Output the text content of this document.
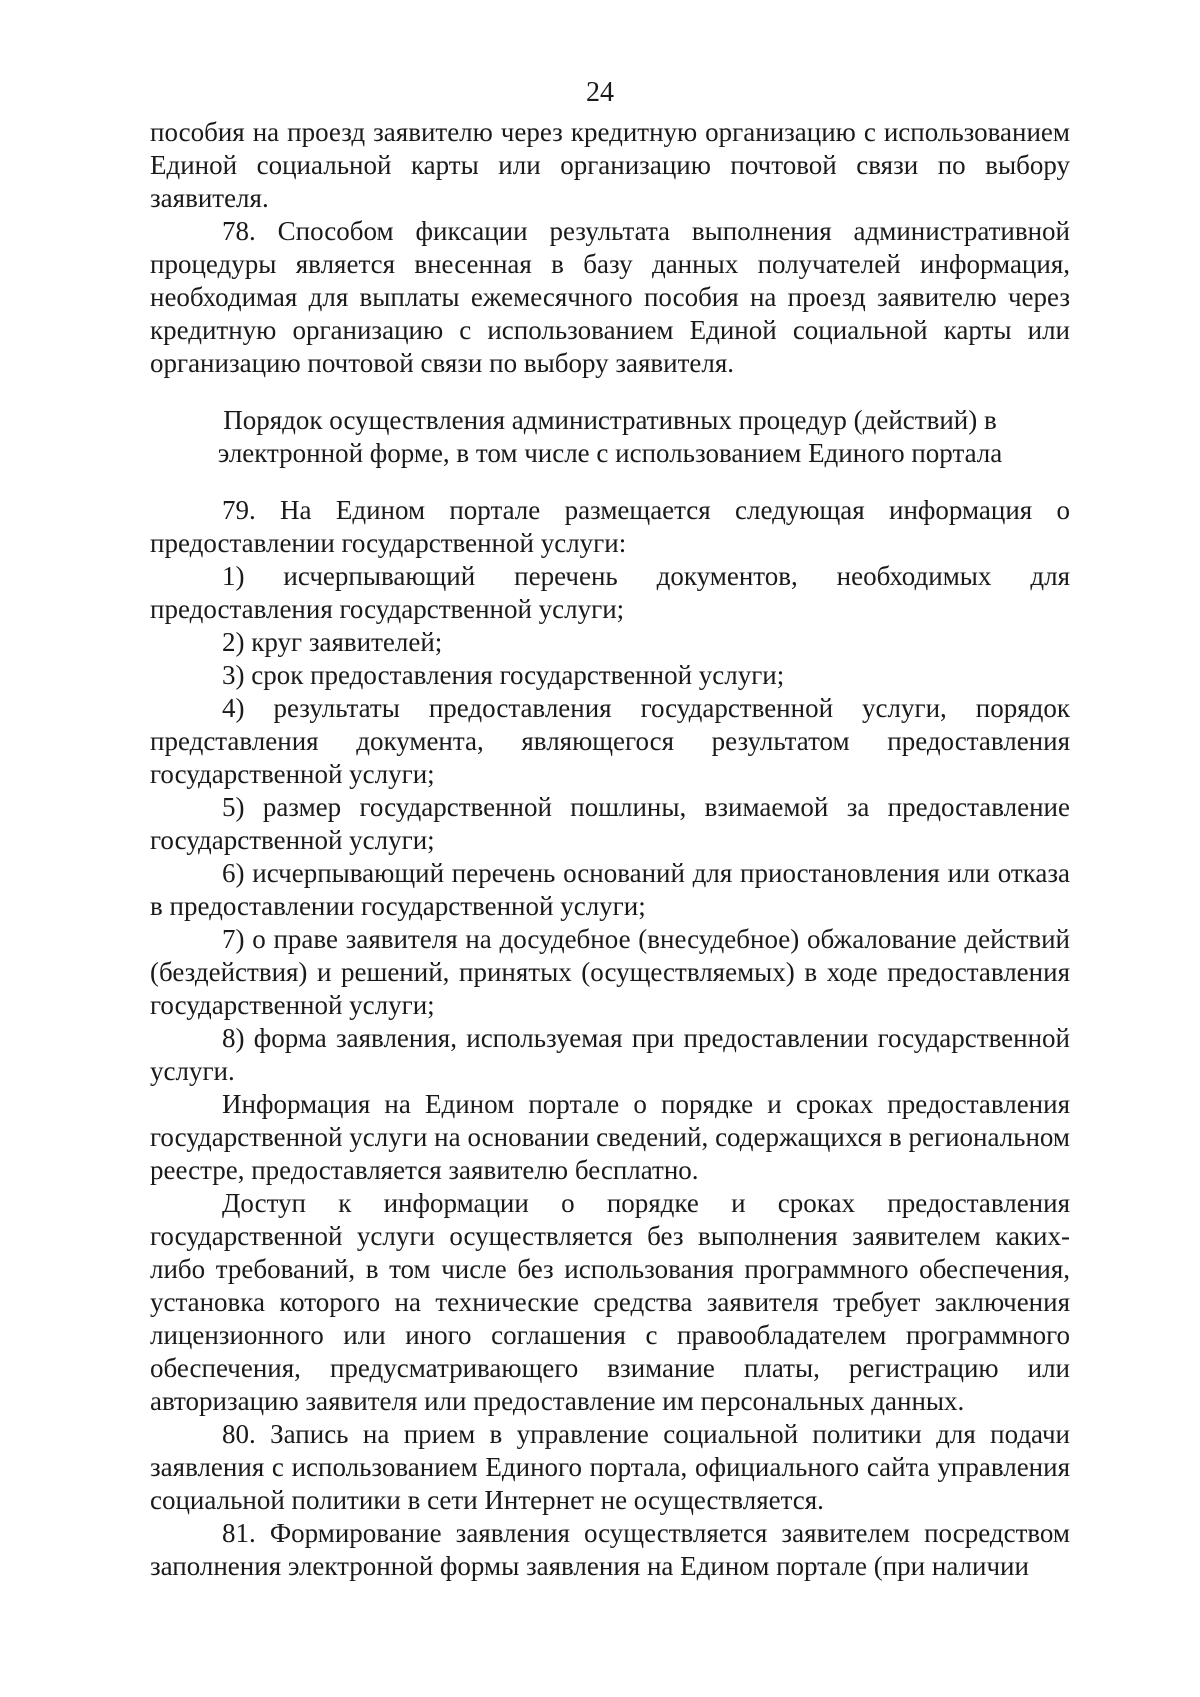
24

пособия на проезд заявителю через кредитную организацию с использованием Единой социальной карты или организацию почтовой связи по выбору заявителя.

78. Способом фиксации результата выполнения административной процедуры является внесенная в базу данных получателей информация, необходимая для выплаты ежемесячного пособия на проезд заявителю через кредитную организацию с использованием Единой социальной карты или организацию почтовой связи по выбору заявителя.

Порядок осуществления административных процедур (действий) в
электронной форме, в том числе с использованием Единого портала

79. На Едином портале размещается следующая информация о предоставлении государственной услуги:

1) исчерпывающий перечень документов, необходимых для предоставления государственной услуги;

2) круг заявителей;

3) срок предоставления государственной услуги;

4) результаты предоставления государственной услуги, порядок представления документа, являющегося результатом предоставления государственной услуги;

5) размер государственной пошлины, взимаемой за предоставление государственной услуги;

6) исчерпывающий перечень оснований для приостановления или отказа в предоставлении государственной услуги;

7) о праве заявителя на досудебное (внесудебное) обжалование действий (бездействия) и решений, принятых (осуществляемых) в ходе предоставления государственной услуги;

8) форма заявления, используемая при предоставлении государственной услуги.

Информация на Едином портале о порядке и сроках предоставления государственной услуги на основании сведений, содержащихся в региональном реестре, предоставляется заявителю бесплатно.

Доступ к информации о порядке и сроках предоставления государственной услуги осуществляется без выполнения заявителем каких-либо требований, в том числе без использования программного обеспечения, установка которого на технические средства заявителя требует заключения лицензионного или иного соглашения с правообладателем программного обеспечения, предусматривающего взимание платы, регистрацию или авторизацию заявителя или предоставление им персональных данных.

80. Запись на прием в управление социальной политики для подачи заявления с использованием Единого портала, официального сайта управления социальной политики в сети Интернет не осуществляется.

81. Формирование заявления осуществляется заявителем посредством заполнения электронной формы заявления на Едином портале (при наличии
